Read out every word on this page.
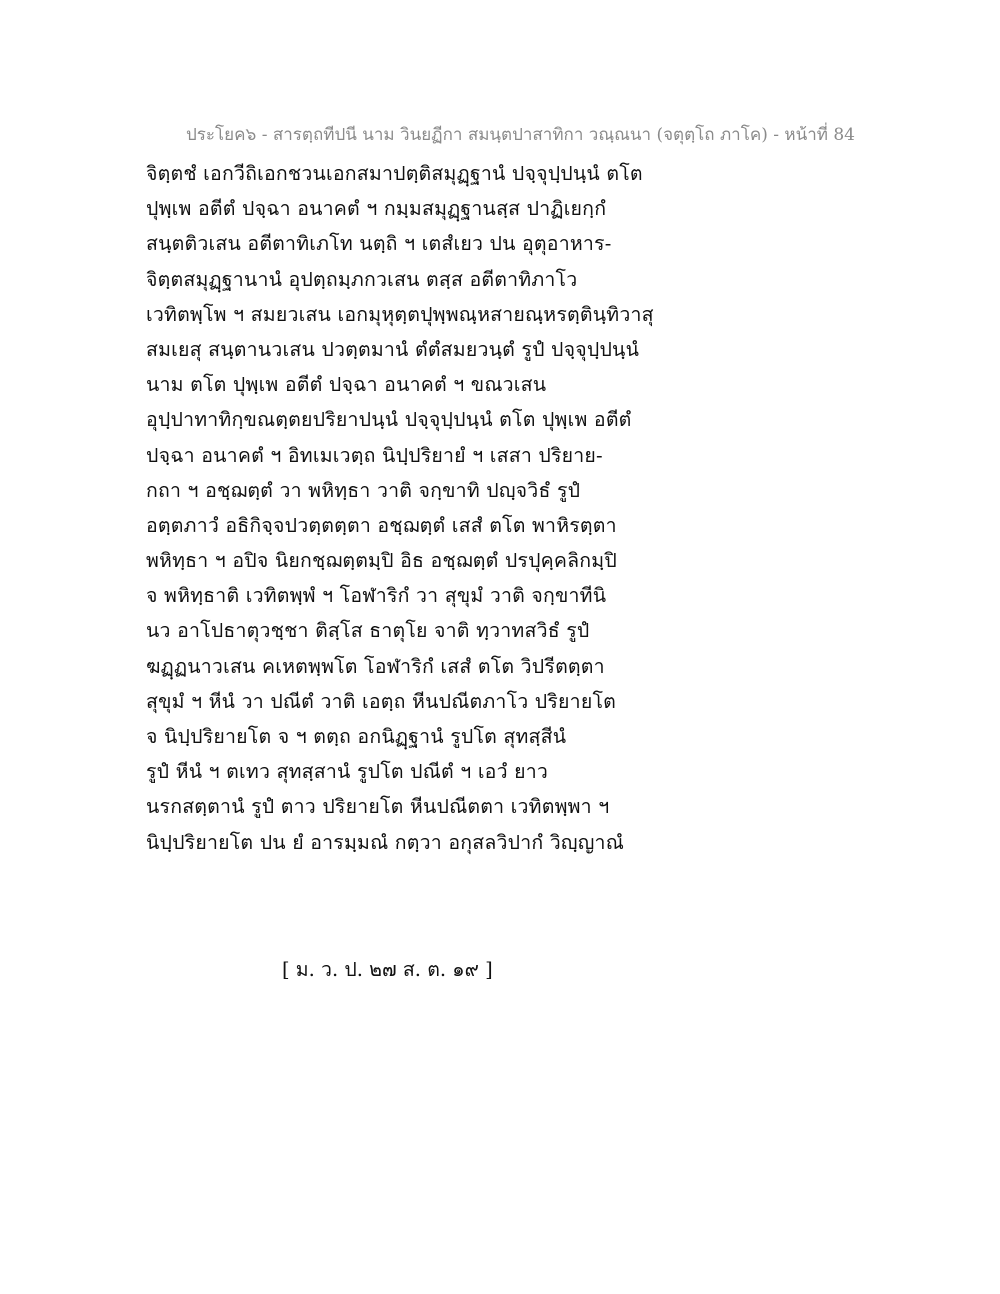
ประโยค๖ - สารตฺถทีปนี นาม วินยฏีกา สมนฺตปาสาทิกา วณฺณนา (จตุตฺโถ ภาโค) - หน้าที่ 84
จิตฺตชํ เอกวีถิเอกชวนเอกสมาปตฺติสมุฏฺฐานํ ปจฺจุปฺปนฺนํ ตโต
ปุพฺเพ อตีตํ ปจฺฉา อนาคตํ ฯ กมฺมสมุฏฺฐานสฺส ปาฏิเยกฺกํ
สนฺตติวเสน อตีตาทิเภโท นตฺถิ ฯ เตสํเยว ปน อุตุอาหาร-
จิตฺตสมุฏฺฐานานํ อุปตฺถมฺภกวเสน ตสฺส อตีตาทิภาโว
เวทิตพฺโพ ฯ สมยวเสน เอกมุหุตฺตปุพฺพณฺหสายณฺหรตฺตินฺทิวาสุ
สมเยสุ สนฺตานวเสน ปวตฺตมานํ ตํตํสมยวนฺตํ รูปํ ปจฺจุปฺปนฺนํ
นาม ตโต ปุพฺเพ อตีตํ ปจฺฉา อนาคตํ ฯ ขณวเสน
อุปฺปาทาทิกฺขณตฺตยปริยาปนฺนํ ปจฺจุปฺปนฺนํ ตโต ปุพฺเพ อตีตํ
ปจฺฉา อนาคตํ ฯ อิทเมเวตฺถ นิปฺปริยายํ ฯ เสสา ปริยาย-
กถา ฯ อชฺฌตฺตํ วา พหิทฺธา วาติ จกฺขาทิ ปญฺจวิธํ รูปํ
อตฺตภาวํ อธิกิจฺจปวตฺตตฺตา อชฺฌตฺตํ เสสํ ตโต พาหิรตฺตา
พหิทฺธา ฯ อปิจ นิยกชฺฌตฺตมฺปิ อิธ อชฺฌตฺตํ ปรปุคฺคลิกมฺปิ
จ พหิทฺธาติ เวทิตพฺพํ ฯ โอฬาริกํ วา สุขุมํ วาติ จกฺขาทีนิ
นว อาโปธาตุวชฺชา ติสฺโส ธาตุโย จาติ ทฺวาทสวิธํ รูปํ
ฆฏฺฏนาวเสน คเหตพฺพโต โอฬาริกํ เสสํ ตโต วิปรีตตฺตา
สุขุมํ ฯ หีนํ วา ปณีตํ วาติ เอตฺถ หีนปณีตภาโว ปริยายโต
จ นิปฺปริยายโต จ ฯ ตตฺถ อกนิฏฺฐานํ รูปโต สุทสฺสีนํ
รูปํ หีนํ ฯ ตเทว สุทสฺสานํ รูปโต ปณีตํ ฯ เอวํ ยาว
นรกสตฺตานํ รูปํ ตาว ปริยายโต หีนปณีตตา เวทิตพฺพา ฯ
นิปฺปริยายโต ปน ยํ อารมฺมณํ กตฺวา อกุสลวิปากํ วิญฺญาณํ
[ ม. ว. ป. ๒๗ ส. ต. ๑๙ ]
